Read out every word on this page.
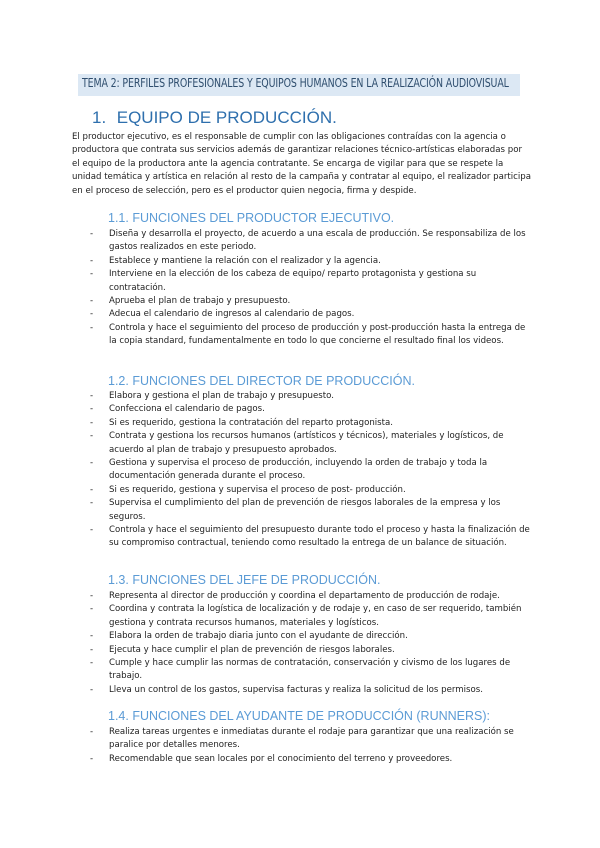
TEMA 2: PERFILES PROFESIONALES Y EQUIPOS HUMANOS EN LA REALIZACIÓN AUDIOVISUAL
1. EQUIPO DE PRODUCCIÓN.

El productor ejecutivo, es el responsable de cumplir con las obligaciones contraídas con la agencia o productora que contrata sus servicios además de garantizar relaciones técnico-artísticas elaboradas por el equipo de la productora ante la agencia contratante. Se encarga de vigilar para que se respete la unidad temática y artística en relación al resto de la campaña y contratar al equipo, el realizador participa en el proceso de selección, pero es el productor quien negocia, firma y despide.

1.1. FUNCIONES DEL PRODUCTOR EJECUTIVO.
- Diseña y desarrolla el proyecto, de acuerdo a una escala de producción. Se responsabiliza de los gastos realizados en este periodo.
- Establece y mantiene la relación con el realizador y la agencia.
- Interviene en la elección de los cabeza de equipo/ reparto protagonista y gestiona su contratación.
- Aprueba el plan de trabajo y presupuesto.
- Adecua el calendario de ingresos al calendario de pagos.
- Controla y hace el seguimiento del proceso de producción y post-producción hasta la entrega de la copia standard, fundamentalmente en todo lo que concierne el resultado final los videos.
1.2. FUNCIONES DEL DIRECTOR DE PRODUCCIÓN.
- Elabora y gestiona el plan de trabajo y presupuesto.
- Confecciona el calendario de pagos.
- Si es requerido, gestiona la contratación del reparto protagonista.
- Contrata y gestiona los recursos humanos (artísticos y técnicos), materiales y logísticos, de acuerdo al plan de trabajo y presupuesto aprobados.
- Gestiona y supervisa el proceso de producción, incluyendo la orden de trabajo y toda la documentación generada durante el proceso.
- Si es requerido, gestiona y supervisa el proceso de post- producción.
- Supervisa el cumplimiento del plan de prevención de riesgos laborales de la empresa y los seguros.
- Controla y hace el seguimiento del presupuesto durante todo el proceso y hasta la finalización de su compromiso contractual, teniendo como resultado la entrega de un balance de situación.
1.3. FUNCIONES DEL JEFE DE PRODUCCIÓN.
- Representa al director de producción y coordina el departamento de producción de rodaje.
- Coordina y contrata la logística de localización y de rodaje y, en caso de ser requerido, también gestiona y contrata recursos humanos, materiales y logísticos.
- Elabora la orden de trabajo diaria junto con el ayudante de dirección.
- Ejecuta y hace cumplir el plan de prevención de riesgos laborales.
- Cumple y hace cumplir las normas de contratación, conservación y civismo de los lugares de trabajo.
- Lleva un control de los gastos, supervisa facturas y realiza la solicitud de los permisos.
1.4. FUNCIONES DEL AYUDANTE DE PRODUCCIÓN (RUNNERS):
- Realiza tareas urgentes e inmediatas durante el rodaje para garantizar que una realización se paralice por detalles menores.
- Recomendable que sean locales por el conocimiento del terreno y proveedores.
